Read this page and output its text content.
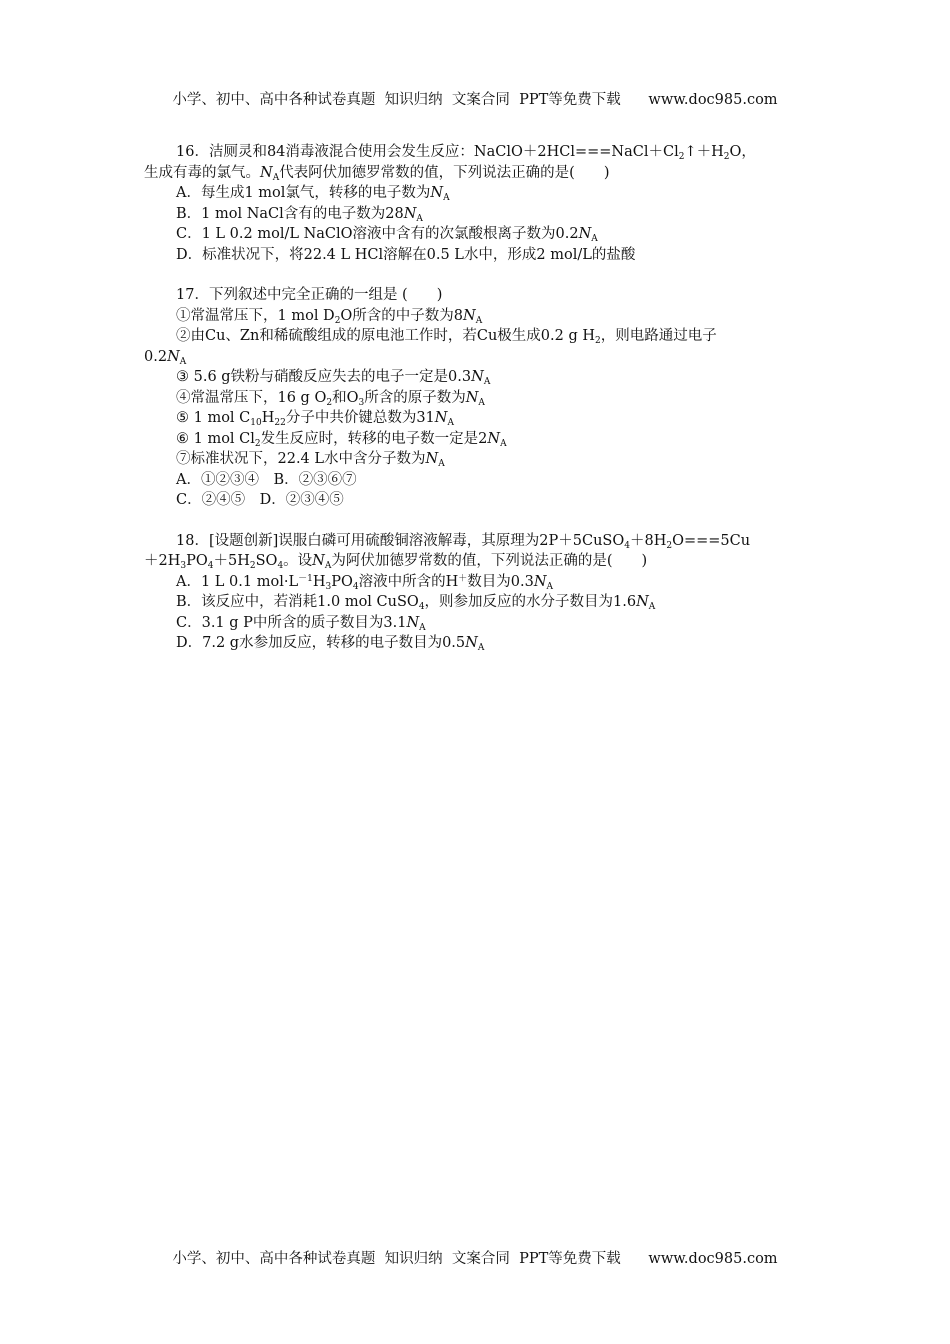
小学、初中、高中各种试卷真题  知识归纳  文案合同  PPT等免费下载      www.doc985.com
16．洁厕灵和84消毒液混合使用会发生反应：$NaClO+2HCl===NaCl+Cl_2↑+H_2O$，
生成有毒的氯气。$N_A$代表阿伏加德罗常数的值，下列说法正确的是(　　)
A．每生成1 mol氯气，转移的电子数为$N_A$
B．1 mol NaCl含有的电子数为$28N_A$
C．1 L 0.2 mol/L NaClO溶液中含有的次氯酸根离子数为$0.2N_A$
D．标准状况下，将22.4 L HCl溶解在0.5 L水中，形成2 mol/L的盐酸
17．下列叙述中完全正确的一组是 (　　)
①常温常压下，1 mol $D_2O$所含的中子数为$8N_A$
②由Cu、Zn和稀硫酸组成的原电池工作时，若Cu极生成0.2 g $H_2$，则电路通过电子
$0.2N_A$
③ 5.6 g铁粉与硝酸反应失去的电子一定是$0.3N_A$
④常温常压下，16 g $O_2$和$O_3$所含的原子数为$N_A$
⑤ 1 mol $C_{10}H_{22}$分子中共价键总数为$31N_A$
⑥ 1 mol $Cl_2$发生反应时，转移的电子数一定是$2N_A$
⑦标准状况下，22.4 L水中含分子数为$N_A$
A．①②③④　B．②③⑥⑦
C．②④⑤　D．②③④⑤
18．[设题创新]误服白磷可用硫酸铜溶液解毒，其原理为$2P+5CuSO_4+8H_2O===5Cu$
$+2H_3PO_4+5H_2SO_4$。设$N_A$为阿伏加德罗常数的值，下列说法正确的是(　　)
A．1 L 0.1 $mol\cdot L^{-1}H_3PO_4$溶液中所含的H＋数目为$0.3N_A$
B．该反应中，若消耗1.0 mol CuSO$_4$，则参加反应的水分子数目为$1.6N_A$
C．3.1 g P中所含的质子数目为$3.1N_A$
D．7.2 g水参加反应，转移的电子数目为$0.5N_A$
小学、初中、高中各种试卷真题  知识归纳  文案合同  PPT等免费下载      www.doc985.com
